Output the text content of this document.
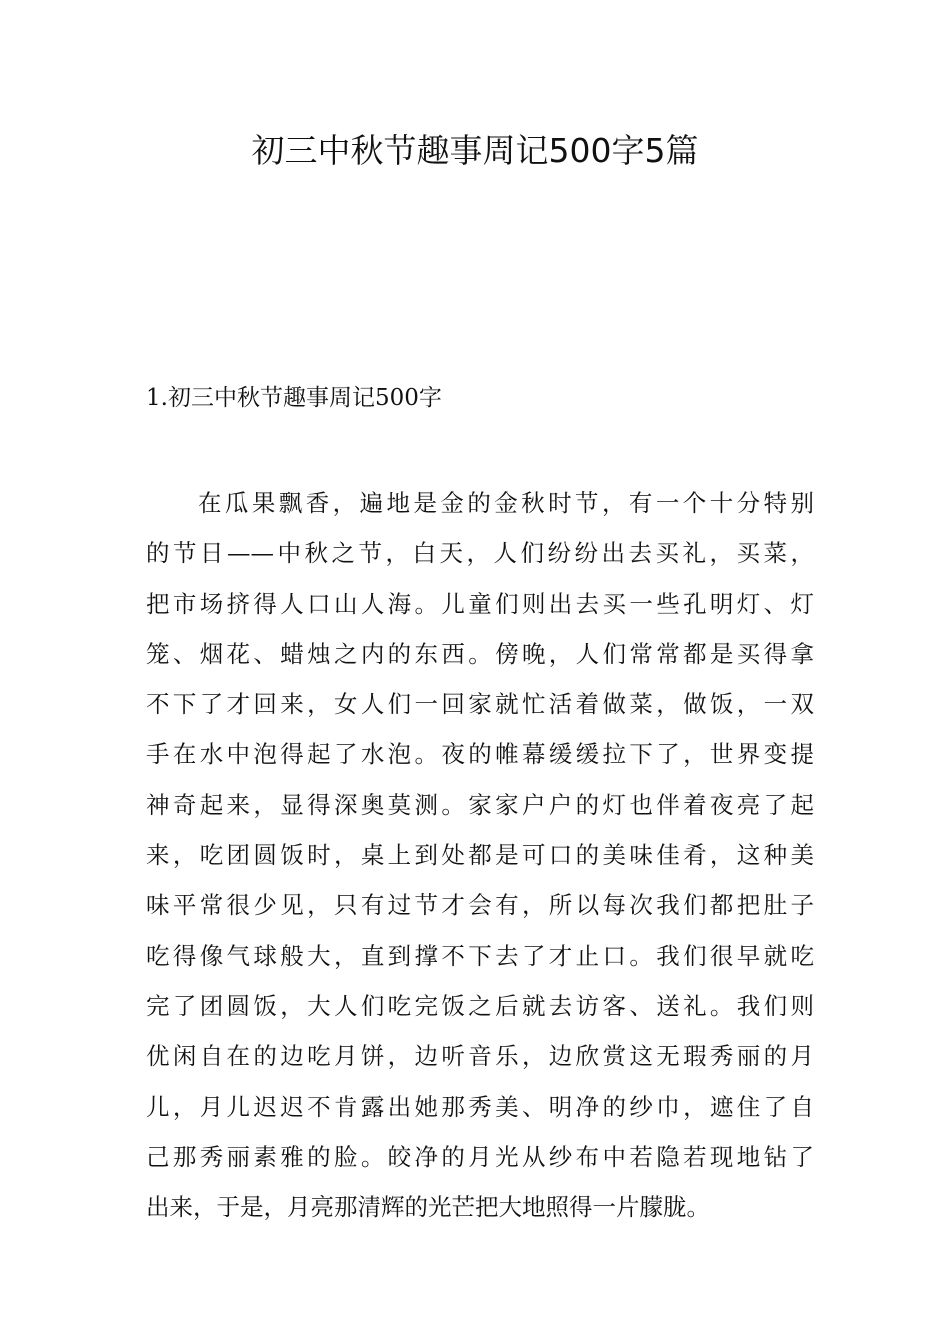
初三中秋节趣事周记500字5篇

1.初三中秋节趣事周记500字

在瓜果飘香，遍地是金的金秋时节，有一个十分特别
的节日——中秋之节，白天，人们纷纷出去买礼，买菜，
把市场挤得人口山人海。儿童们则出去买一些孔明灯、灯
笼、烟花、蜡烛之内的东西。傍晚，人们常常都是买得拿
不下了才回来，女人们一回家就忙活着做菜，做饭，一双
手在水中泡得起了水泡。夜的帷幕缓缓拉下了，世界变提
神奇起来，显得深奥莫测。家家户户的灯也伴着夜亮了起
来，吃团圆饭时，桌上到处都是可口的美味佳肴，这种美
味平常很少见，只有过节才会有，所以每次我们都把肚子
吃得像气球般大，直到撑不下去了才止口。我们很早就吃
完了团圆饭，大人们吃完饭之后就去访客、送礼。我们则
优闲自在的边吃月饼，边听音乐，边欣赏这无瑕秀丽的月
儿，月儿迟迟不肯露出她那秀美、明净的纱巾，遮住了自
己那秀丽素雅的脸。皎净的月光从纱布中若隐若现地钻了
出来，于是，月亮那清辉的光芒把大地照得一片朦胧。
